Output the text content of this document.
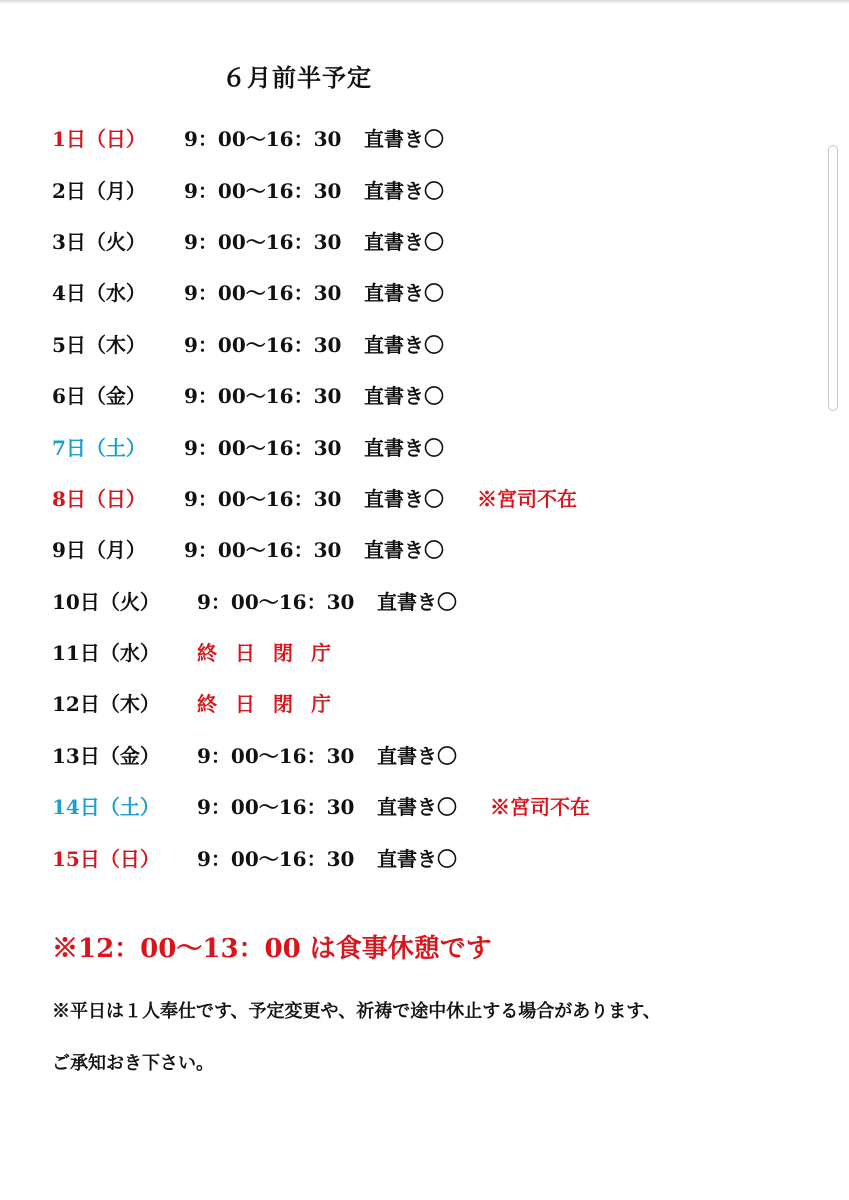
６月前半予定
1日（日）	9：00〜16：30	直書き〇
2日（月）	9：00〜16：30	直書き〇
3日（火）	9：00〜16：30	直書き〇
4日（水）	9：00〜16：30	直書き〇
5日（木）	9：00〜16：30	直書き〇
6日（金）	9：00〜16：30	直書き〇
7日（土）	9：00〜16：30	直書き〇
8日（日）	9：00〜16：30	直書き〇	※宮司不在
9日（月）	9：00〜16：30	直書き〇
10日（火）	9：00〜16：30	直書き〇
11日（水）	終日閉庁
12日（木）	終日閉庁
13日（金）	9：00〜16：30	直書き〇
14日（土）	9：00〜16：30	直書き〇	※宮司不在
15日（日）	9：00〜16：30	直書き〇
※12：00〜13：00 は食事休憩です
※平日は１人奉仕です、予定変更や、祈祷で途中休止する場合があります、
ご承知おき下さい。
